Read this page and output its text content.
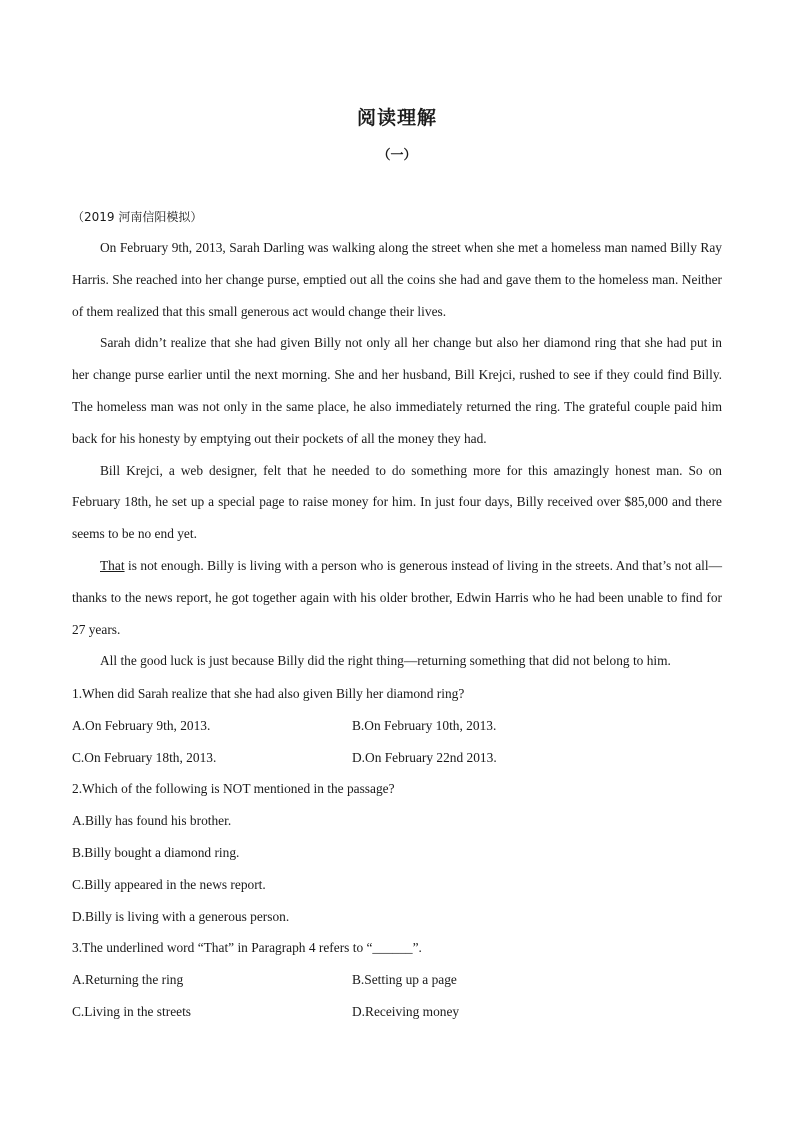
阅读理解
（一）
（2019 河南信阳模拟）

On February 9th, 2013, Sarah Darling was walking along the street when she met a homeless man named Billy Ray Harris. She reached into her change purse, emptied out all the coins she had and gave them to the homeless man. Neither of them realized that this small generous act would change their lives.

Sarah didn’t realize that she had given Billy not only all her change but also her diamond ring that she had put in her change purse earlier until the next morning. She and her husband, Bill Krejci, rushed to see if they could find Billy. The homeless man was not only in the same place, he also immediately returned the ring. The grateful couple paid him back for his honesty by emptying out their pockets of all the money they had.

Bill Krejci, a web designer, felt that he needed to do something more for this amazingly honest man. So on February 18th, he set up a special page to raise money for him. In just four days, Billy received over $85,000 and there seems to be no end yet.

That is not enough. Billy is living with a person who is generous instead of living in the streets. And that’s not all—thanks to the news report, he got together again with his older brother, Edwin Harris who he had been unable to find for 27 years.

All the good luck is just because Billy did the right thing—returning something that did not belong to him.

1.When did Sarah realize that she had also given Billy her diamond ring?

A.On February 9th, 2013.	B.On February 10th, 2013.
C.On February 18th, 2013.	D.On February 22nd 2013.

2.Which of the following is NOT mentioned in the passage?

A.Billy has found his brother.
B.Billy bought a diamond ring.
C.Billy appeared in the news report.
D.Billy is living with a generous person.

3.The underlined word “That” in Paragraph 4 refers to “______”.

A.Returning the ring	B.Setting up a page
C.Living in the streets	D.Receiving money
